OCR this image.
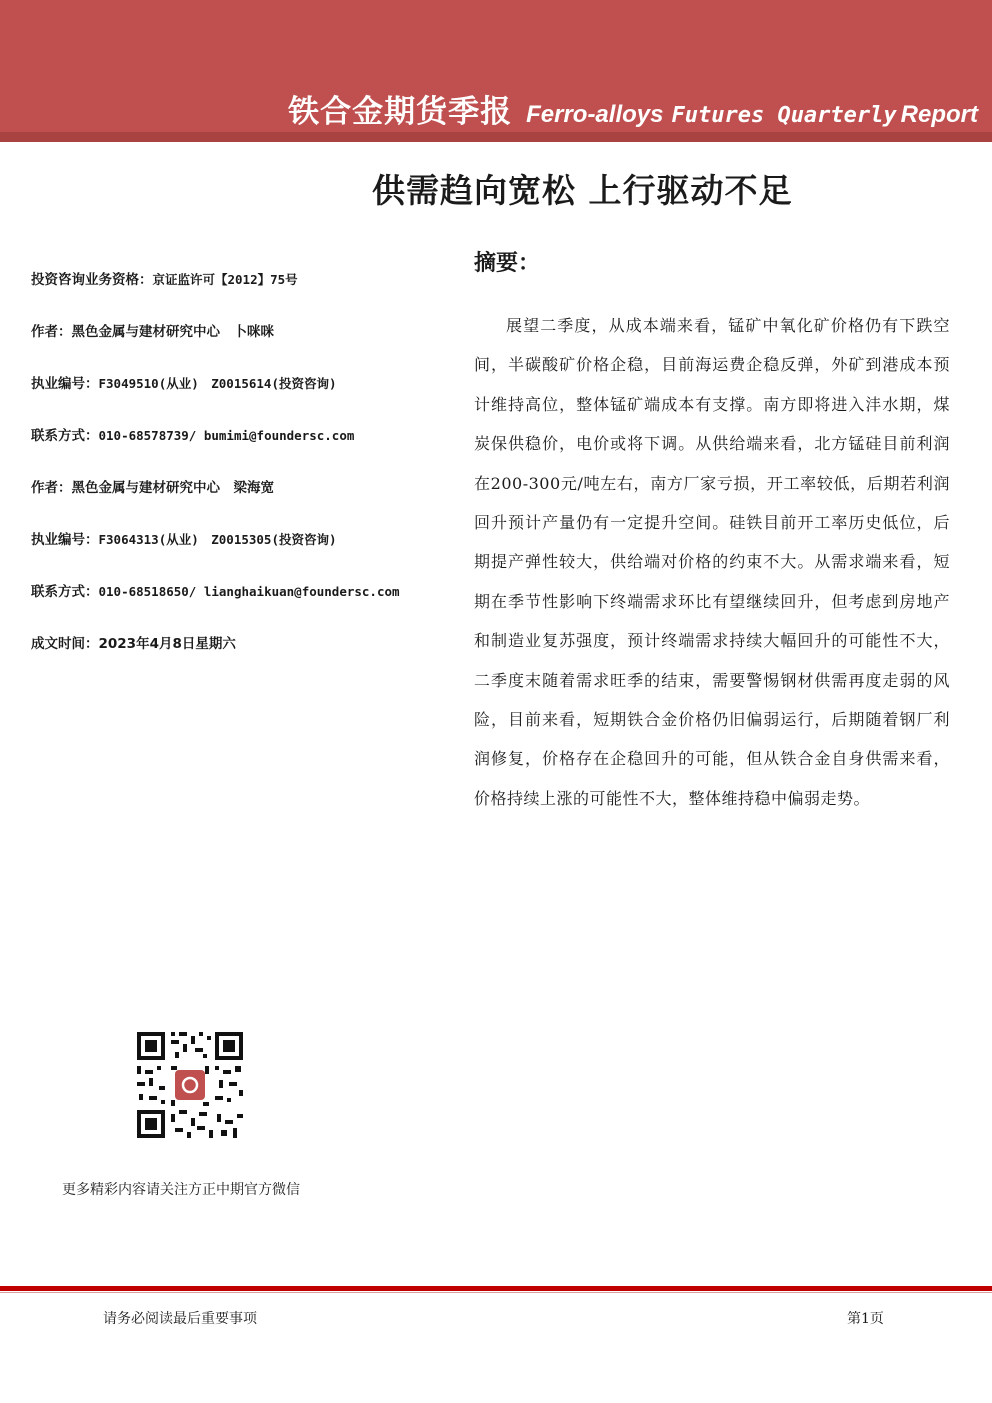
铁合金期货季报 Ferro-alloys Futures Quarterly Report
供需趋向宽松 上行驱动不足
投资咨询业务资格：京证监许可【2012】75号
作者：黑色金属与建材研究中心　卜咪咪
执业编号：F3049510(从业)　Z0015614(投资咨询)
联系方式：010-68578739/ bumimi@foundersc.com
作者：黑色金属与建材研究中心　梁海宽
执业编号：F3064313(从业)　Z0015305(投资咨询)
联系方式：010-68518650/ lianghaikuan@foundersc.com
成文时间：2023年4月8日星期六
摘要：
展望二季度，从成本端来看，锰矿中氧化矿价格仍有下跌空间，半碳酸矿价格企稳，目前海运费企稳反弹，外矿到港成本预计维持高位，整体锰矿端成本有支撑。南方即将进入沣水期，煤炭保供稳价，电价或将下调。从供给端来看，北方锰硅目前利润在200-300元/吨左右，南方厂家亏损，开工率较低，后期若利润回升预计产量仍有一定提升空间。硅铁目前开工率历史低位，后期提产弹性较大，供给端对价格的约束不大。从需求端来看，短期在季节性影响下终端需求环比有望继续回升，但考虑到房地产和制造业复苏强度，预计终端需求持续大幅回升的可能性不大，二季度末随着需求旺季的结束，需要警惕钢材供需再度走弱的风险，目前来看，短期铁合金价格仍旧偏弱运行，后期随着钢厂利润修复，价格存在企稳回升的可能，但从铁合金自身供需来看，价格持续上涨的可能性不大，整体维持稳中偏弱走势。
更多精彩内容请关注方正中期官方微信
请务必阅读最后重要事项	第1页
